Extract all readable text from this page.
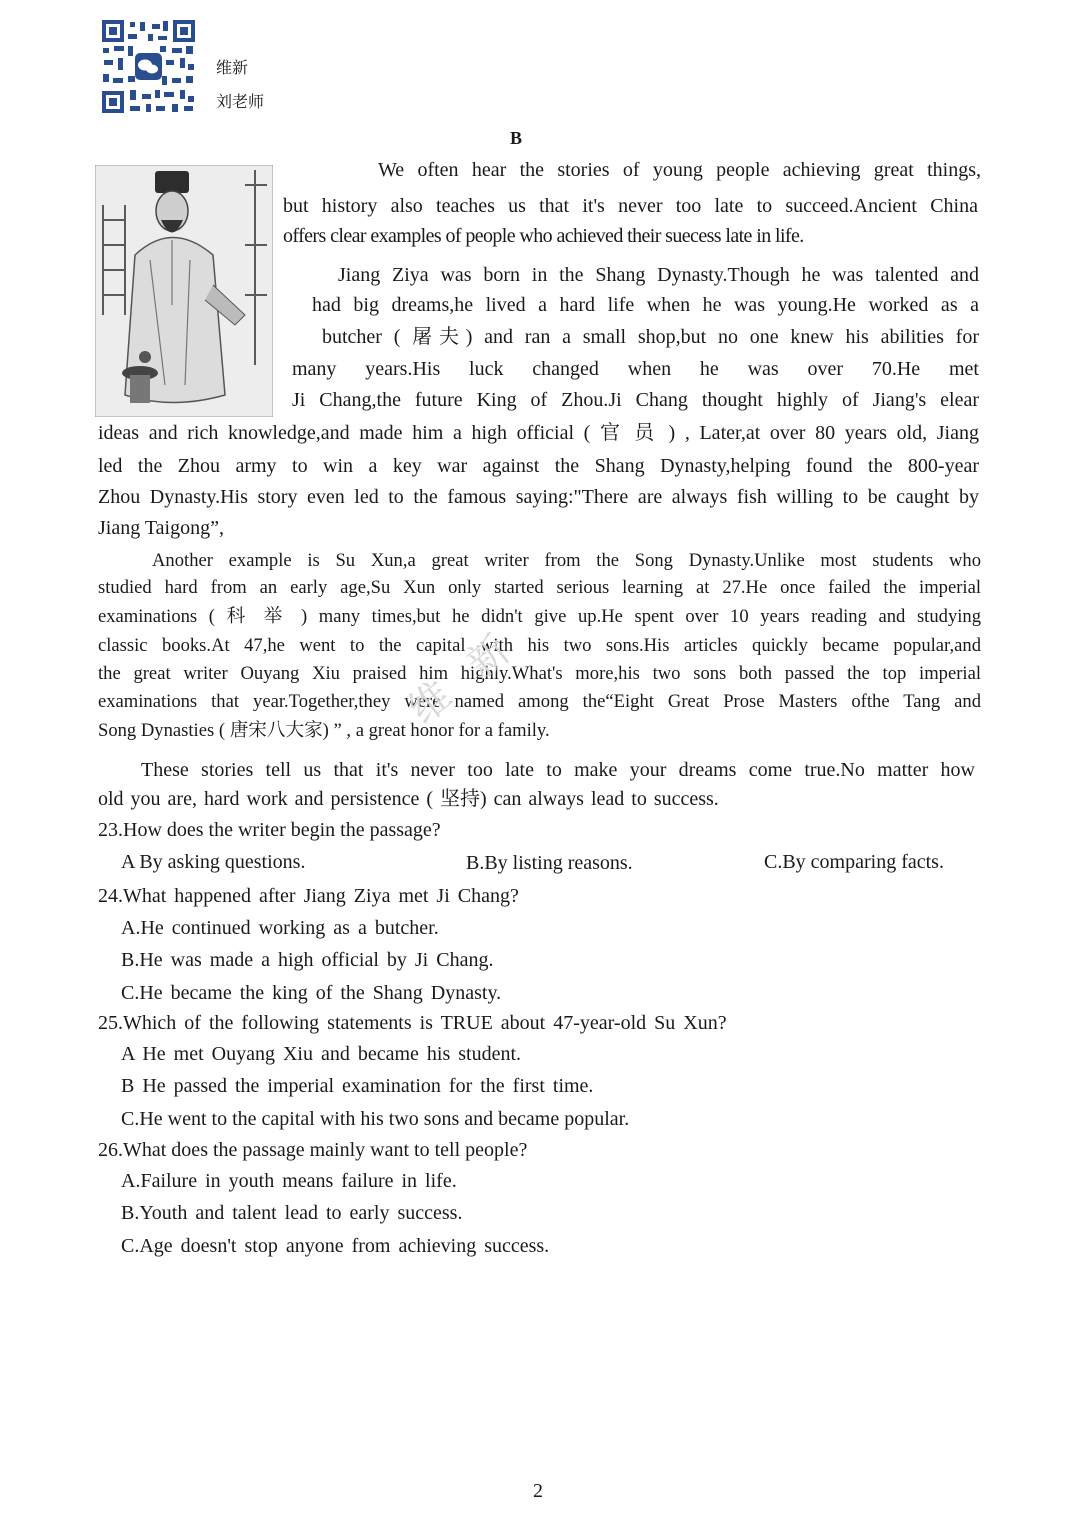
维新
刘老师
B
We often hear the stories of young people achieving great things,
but history also teaches us that it's never too late to succeed.Ancient China
offers clear examples of people who achieved their suecess late in life.
Jiang Ziya was born in the Shang Dynasty.Though he was talented and
had big dreams,he lived a hard life when he was young.He worked as a
butcher ( 屠夫) and ran a small shop,but no one knew his abilities for
many years.His luck changed when he was over 70.He met
Ji Chang,the future King of Zhou.Ji Chang thought highly of Jiang's elear
ideas and rich knowledge,and made him a high official ( 官 员 ) , Later,at over 80 years old, Jiang
led the Zhou army to win a key war against the Shang Dynasty,helping found the 800-year
Zhou Dynasty.His story even led to the famous saying:"There are always fish willing to be caught by
Jiang Taigong”,
Another example is Su Xun,a great writer from the Song Dynasty.Unlike most students who
studied hard from an early age,Su Xun only started serious learning at 27.He once failed the imperial
examinations ( 科 举 ) many times,but he didn't give up.He spent over 10 years reading and studying
classic books.At 47,he went to the capital with his two sons.His articles quickly became popular,and
the great writer Ouyang Xiu praised him highly.What's more,his two sons both passed the top imperial
examinations that year.Together,they were named among the“Eight Great Prose Masters ofthe Tang and
Song Dynasties ( 唐宋八大家) ” , a great honor for a family.
These stories tell us that it's never too late to make your dreams come true.No matter how
old you are, hard work and persistence ( 坚持) can always lead to success.
23.How does the writer begin the passage?
A By asking questions.	B.By listing reasons.	C.By comparing facts.
24.What happened after Jiang Ziya met Ji Chang?
A.He continued working as a butcher.
B.He was made a high official by Ji Chang.
C.He became the king of the Shang Dynasty.
25.Which of the following statements is TRUE about 47-year-old Su Xun?
A He met Ouyang Xiu and became his student.
B He passed the imperial examination for the first time.
C.He went to the capital with his two sons and became popular.
26.What does the passage mainly want to tell people?
A.Failure in youth means failure in life.
B.Youth and talent lead to early success.
C.Age doesn't stop anyone from achieving success.
维新
2
